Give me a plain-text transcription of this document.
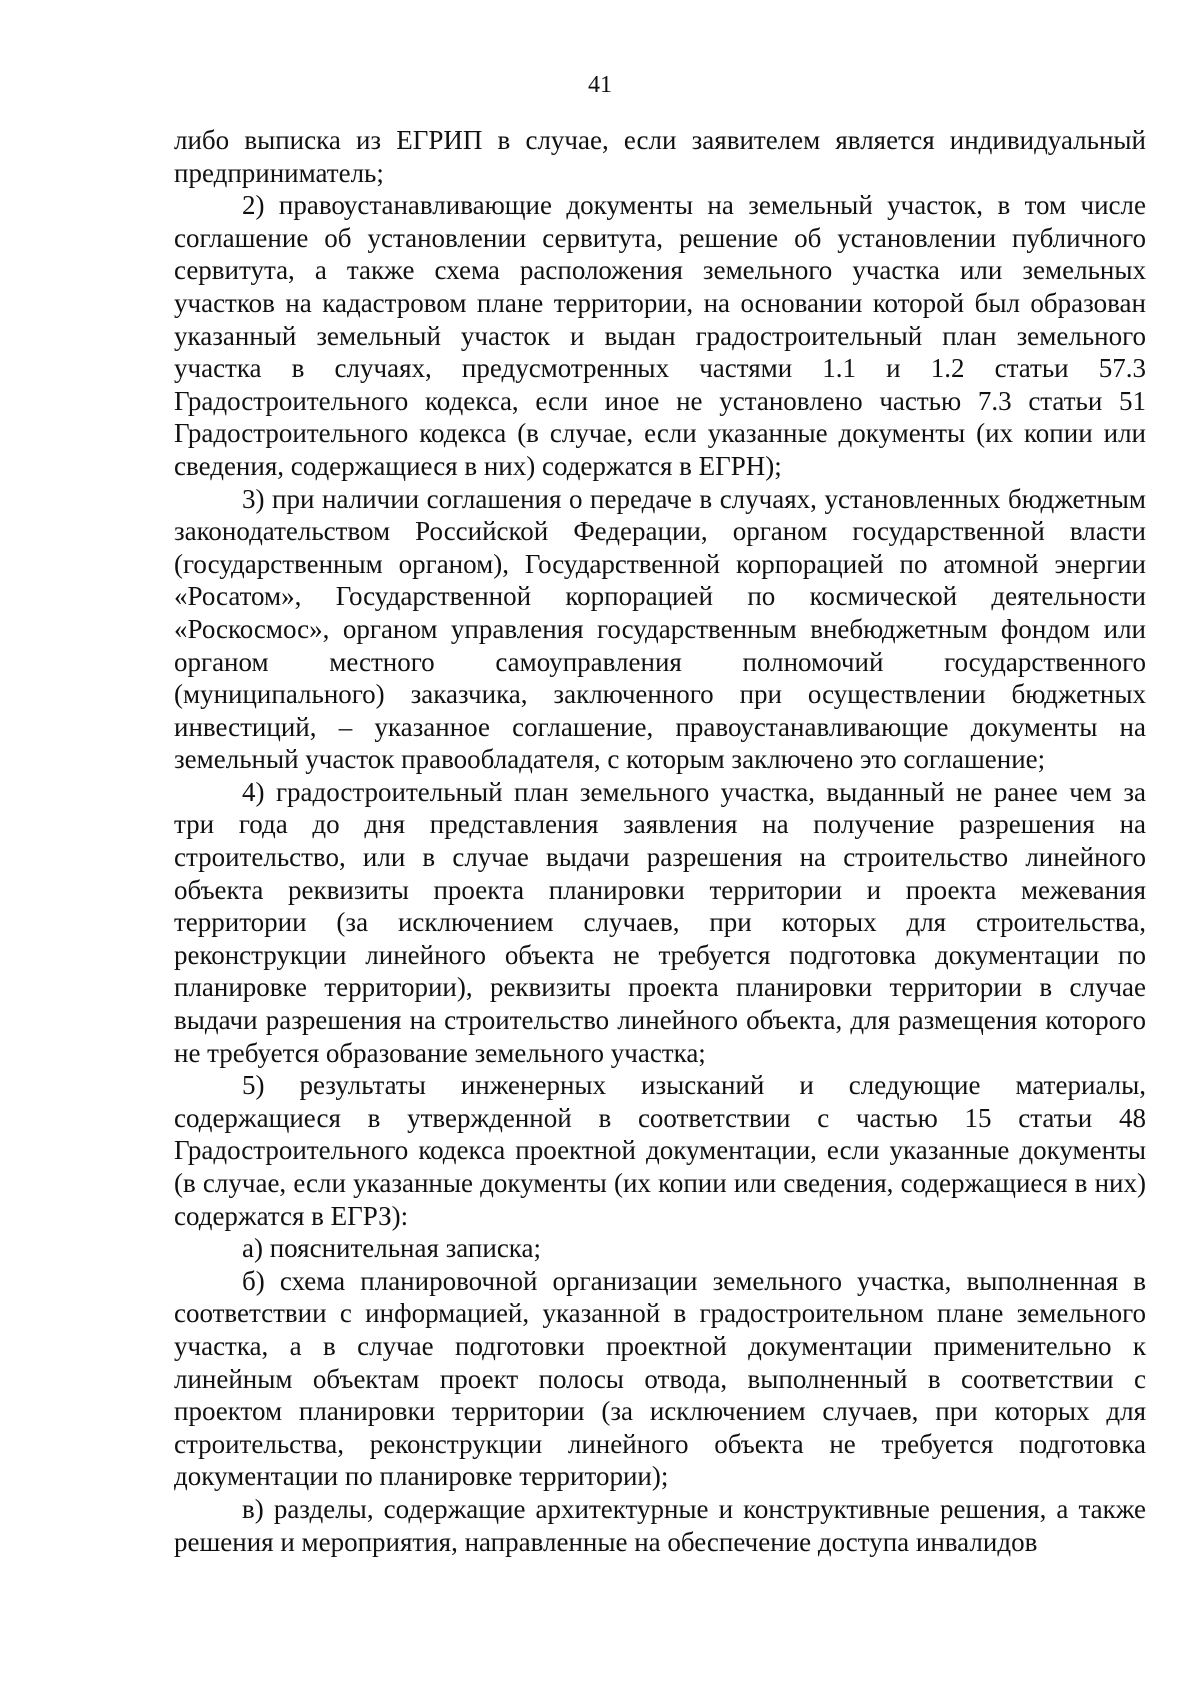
41

либо выписка из ЕГРИП в случае, если заявителем является индивидуальный предприниматель;

2) правоустанавливающие документы на земельный участок, в том числе соглашение об установлении сервитута, решение об установлении публичного сервитута, а также схема расположения земельного участка или земельных участков на кадастровом плане территории, на основании которой был образован указанный земельный участок и выдан градостроительный план земельного участка в случаях, предусмотренных частями 1.1 и 1.2 статьи 57.3 Градостроительного кодекса, если иное не установлено частью 7.3 статьи 51 Градостроительного кодекса (в случае, если указанные документы (их копии или сведения, содержащиеся в них) содержатся в ЕГРН);

3) при наличии соглашения о передаче в случаях, установленных бюджетным законодательством Российской Федерации, органом государственной власти (государственным органом), Государственной корпорацией по атомной энергии «Росатом», Государственной корпорацией по космической деятельности «Роскосмос», органом управления государственным внебюджетным фондом или органом местного самоуправления полномочий государственного (муниципального) заказчика, заключенного при осуществлении бюджетных инвестиций, – указанное соглашение, правоустанавливающие документы на земельный участок правообладателя, с которым заключено это соглашение;

4) градостроительный план земельного участка, выданный не ранее чем за три года до дня представления заявления на получение разрешения на строительство, или в случае выдачи разрешения на строительство линейного объекта реквизиты проекта планировки территории и проекта межевания территории (за исключением случаев, при которых для строительства, реконструкции линейного объекта не требуется подготовка документации по планировке территории), реквизиты проекта планировки территории в случае выдачи разрешения на строительство линейного объекта, для размещения которого не требуется образование земельного участка;

5) результаты инженерных изысканий и следующие материалы, содержащиеся в утвержденной в соответствии с частью 15 статьи 48 Градостроительного кодекса проектной документации, если указанные документы (в случае, если указанные документы (их копии или сведения, содержащиеся в них) содержатся в ЕГРЗ):

а) пояснительная записка;

б) схема планировочной организации земельного участка, выполненная в соответствии с информацией, указанной в градостроительном плане земельного участка, а в случае подготовки проектной документации применительно к линейным объектам проект полосы отвода, выполненный в соответствии с проектом планировки территории (за исключением случаев, при которых для строительства, реконструкции линейного объекта не требуется подготовка документации по планировке территории);

в) разделы, содержащие архитектурные и конструктивные решения, а также решения и мероприятия, направленные на обеспечение доступа инвалидов
